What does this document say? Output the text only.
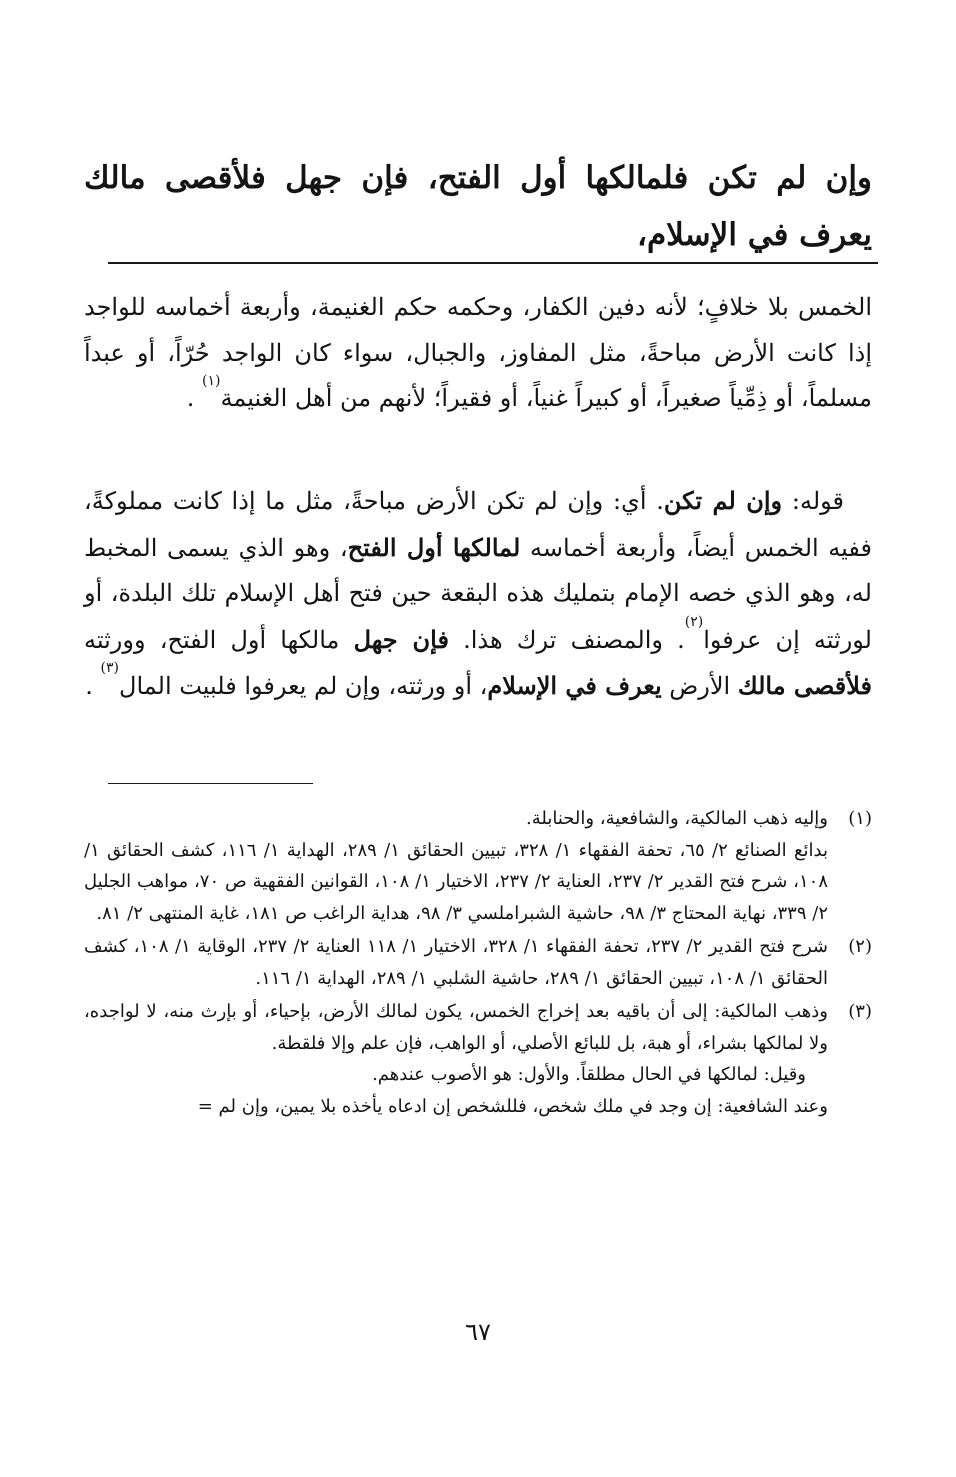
وإن لم تكن فلمالكها أول الفتح، فإن جهل فلأقصى مالك يعرف في الإسلام،
الخمس بلا خلافٍ؛ لأنه دفين الكفار، وحكمه حكم الغنيمة، وأربعة أخماسه للواجد إذا كانت الأرض مباحةً، مثل المفاوز، والجبال، سواء كان الواجد حُرّاً، أو عبداً مسلماً، أو ذِمِّياً صغيراً، أو كبيراً غنياً، أو فقيراً؛ لأنهم من أهل الغنيمة$^{(١)}$ .
قوله: وإن لم تكن. أي: وإن لم تكن الأرض مباحةً، مثل ما إذا كانت مملوكةً، ففيه الخمس أيضاً، وأربعة أخماسه لمالكها أول الفتح، وهو الذي يسمى المخبط له، وهو الذي خصه الإمام بتمليك هذه البقعة حين فتح أهل الإسلام تلك البلدة، أو لورثته إن عرفوا$^{(٢)}$. والمصنف ترك هذا. فإن جهل مالكها أول الفتح، وورثته فلأقصى مالك الأرض يعرف في الإسلام، أو ورثته، وإن لم يعرفوا فلبيت المال$^{(٣)}$ .
(١)

وإليه ذهب المالكية، والشافعية، والحنابلة.

بدائع الصنائع ٢/ ٦٥، تحفة الفقهاء ١/ ٣٢٨، تبيين الحقائق ١/ ٢٨٩، الهداية ١/ ١١٦، كشف الحقائق ١/ ١٠٨، شرح فتح القدير ٢/ ٢٣٧، العناية ٢/ ٢٣٧، الاختيار ١/ ١٠٨، القوانين الفقهية ص ٧٠، مواهب الجليل ٢/ ٣٣٩، نهاية المحتاج ٣/ ٩٨، حاشية الشبراملسي ٣/ ٩٨، هداية الراغب ص ١٨١، غاية المنتهى ٢/ ٨١.

(٢)

شرح فتح القدير ٢/ ٢٣٧، تحفة الفقهاء ١/ ٣٢٨، الاختيار ١/ ١١٨ العناية ٢/ ٢٣٧، الوقاية ١/ ١٠٨، كشف الحقائق ١/ ١٠٨، تبيين الحقائق ١/ ٢٨٩، حاشية الشلبي ١/ ٢٨٩، الهداية ١/ ١١٦.

(٣)

وذهب المالكية: إلى أن باقيه بعد إخراج الخمس، يكون لمالك الأرض، بإحياء، أو بإرث منه، لا لواجده، ولا لمالكها بشراء، أو هبة، بل للبائع الأصلي، أو الواهب، فإن علم وإلا فلقطة.

وقيل: لمالكها في الحال مطلقاً. والأول: هو الأصوب عندهم.

وعند الشافعية: إن وجد في ملك شخص، فللشخص إن ادعاه يأخذه بلا يمين، وإن لم =

٦٧
